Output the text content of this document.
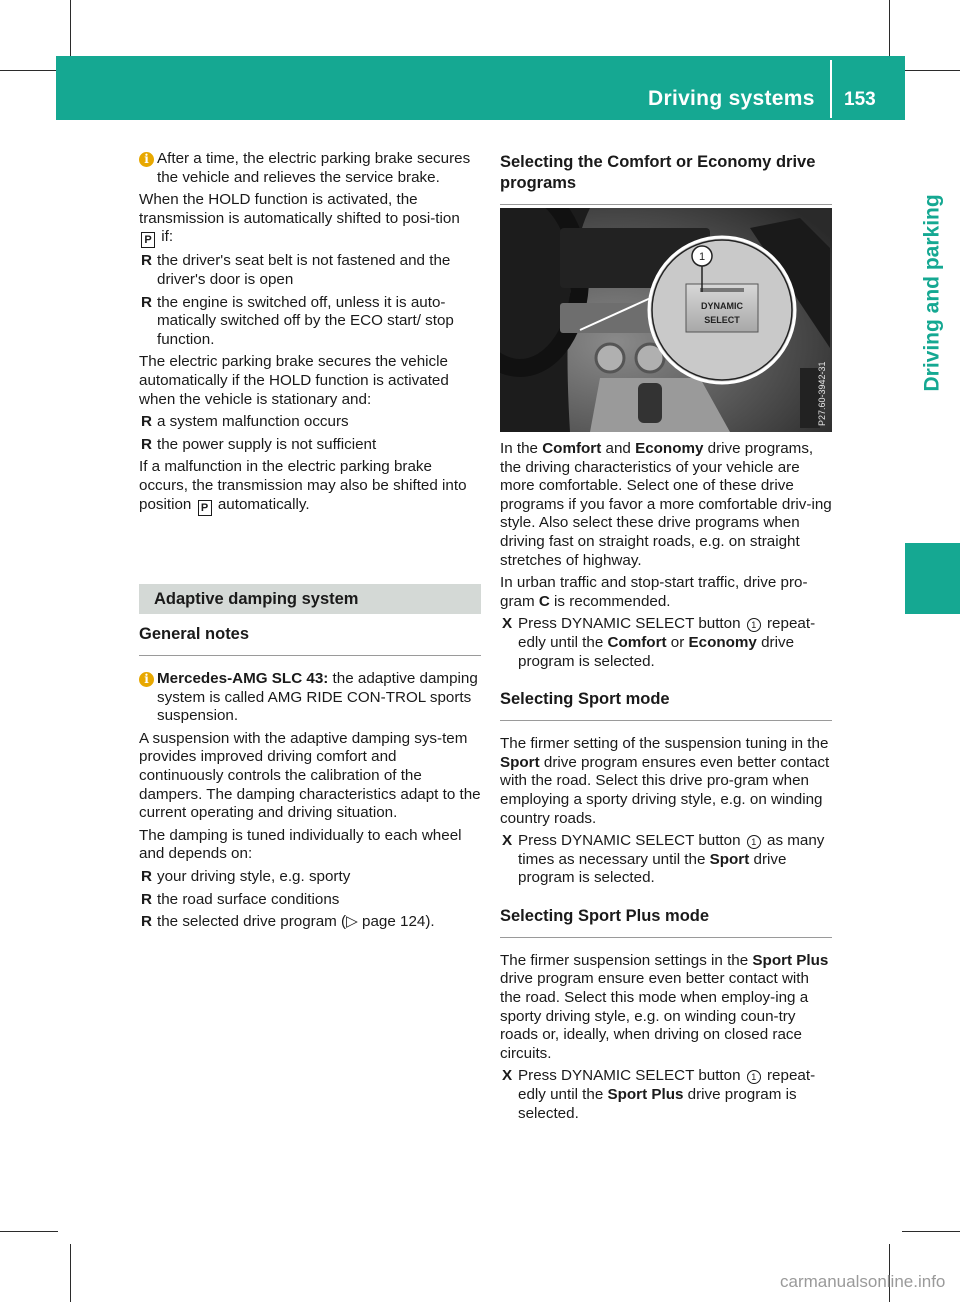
Driving systems 153
Driving and parking
i After a time, the electric parking brake secures the vehicle and relieves the service brake.

When the HOLD function is activated, the transmission is automatically shifted to posi-tion P if:

R the driver's seat belt is not fastened and the driver's door is open
R the engine is switched off, unless it is auto-matically switched off by the ECO start/ stop function.

The electric parking brake secures the vehicle automatically if the HOLD function is activated when the vehicle is stationary and:

R a system malfunction occurs
R the power supply is not sufficient

If a malfunction in the electric parking brake occurs, the transmission may also be shifted into position P automatically.

Adaptive damping system
General notes
i Mercedes-AMG SLC 43: the adaptive damping system is called AMG RIDE CON-TROL sports suspension.

A suspension with the adaptive damping sys-tem provides improved driving comfort and continuously controls the calibration of the dampers. The damping characteristics adapt to the current operating and driving situation.

The damping is tuned individually to each wheel and depends on:

R your driving style, e.g. sporty
R the road surface conditions
R the selected drive program (▷ page 124).
Selecting the Comfort or Economy drive programs
DYNAMIC
SELECT
1
P27.60-3942-31

In the Comfort and Economy drive programs, the driving characteristics of your vehicle are more comfortable. Select one of these drive programs if you favor a more comfortable driv-ing style. Also select these drive programs when driving fast on straight roads, e.g. on straight stretches of highway.

In urban traffic and stop-start traffic, drive pro-gram C is recommended.

X Press DYNAMIC SELECT button 1 repeat-edly until the Comfort or Economy drive program is selected.
Selecting Sport mode

The firmer setting of the suspension tuning in the Sport drive program ensures even better contact with the road. Select this drive pro-gram when employing a sporty driving style, e.g. on winding country roads.

X Press DYNAMIC SELECT button 1 as many times as necessary until the Sport drive program is selected.
Selecting Sport Plus mode

The firmer suspension settings in the Sport Plus drive program ensure even better contact with the road. Select this mode when employ-ing a sporty driving style, e.g. on winding coun-try roads or, ideally, when driving on closed race circuits.

X Press DYNAMIC SELECT button 1 repeat-edly until the Sport Plus drive program is selected.
carmanualsonline.info
